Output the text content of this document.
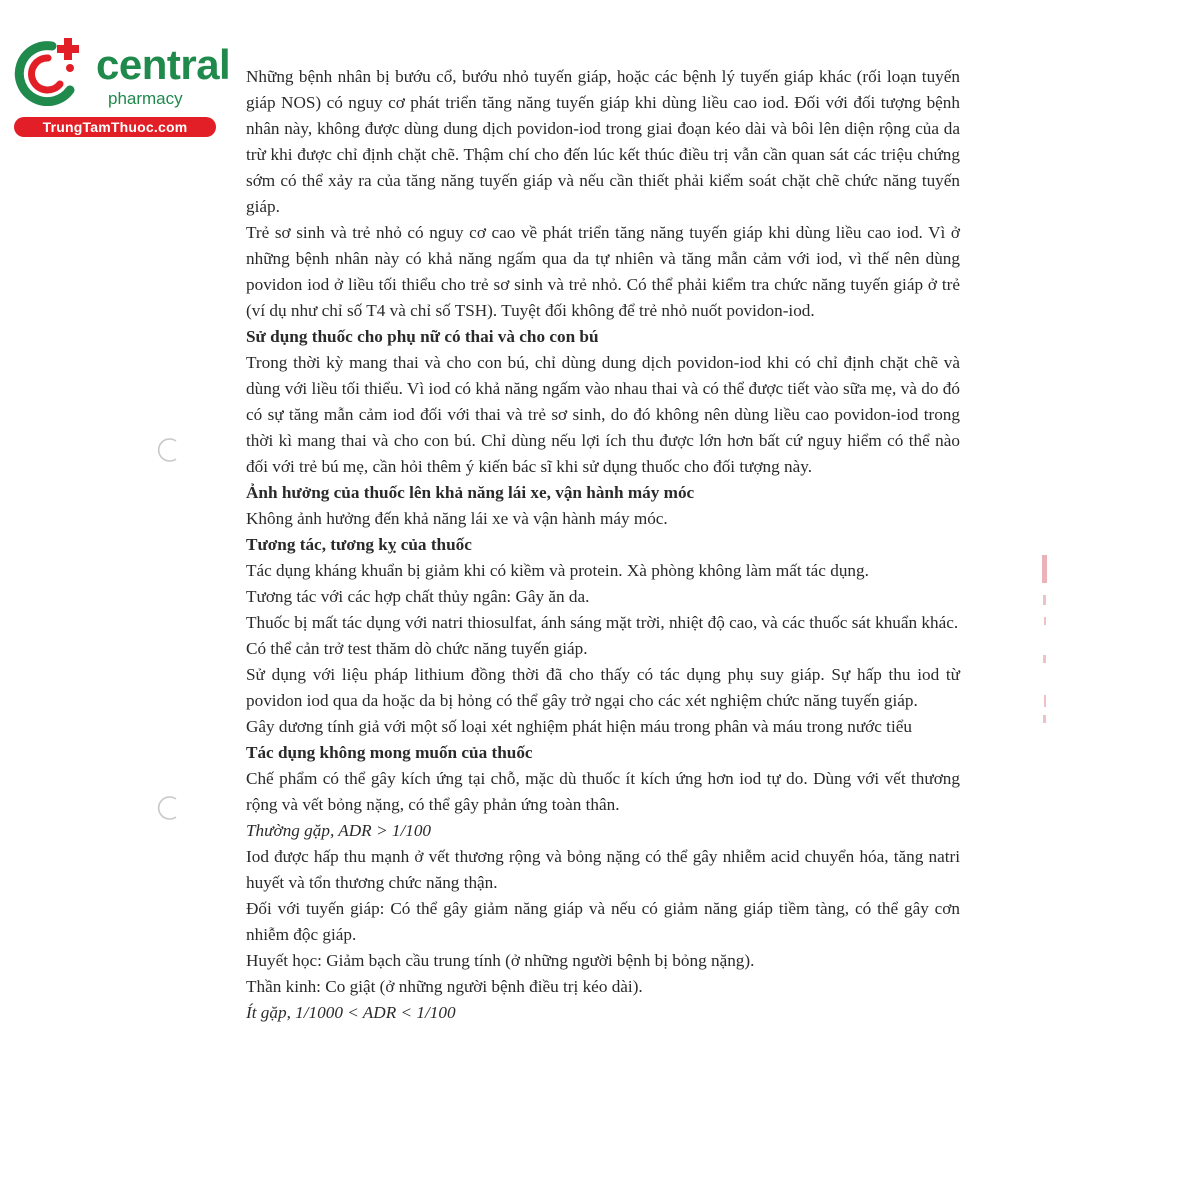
central
pharmacy
TrungTamThuoc.com

Những bệnh nhân bị bướu cổ, bướu nhỏ tuyến giáp, hoặc các bệnh lý tuyến giáp khác (rối loạn tuyến giáp NOS) có nguy cơ phát triển tăng năng tuyến giáp khi dùng liều cao iod. Đối với đối tượng bệnh nhân này, không được dùng dung dịch povidon-iod trong giai đoạn kéo dài và bôi lên diện rộng của da trừ khi được chỉ định chặt chẽ. Thậm chí cho đến lúc kết thúc điều trị vẫn cần quan sát các triệu chứng sớm có thể xảy ra của tăng năng tuyến giáp và nếu cần thiết phải kiểm soát chặt chẽ chức năng tuyến giáp.

Trẻ sơ sinh và trẻ nhỏ có nguy cơ cao về phát triển tăng năng tuyến giáp khi dùng liều cao iod. Vì ở những bệnh nhân này có khả năng ngấm qua da tự nhiên và tăng mẫn cảm với iod, vì thế nên dùng povidon iod ở liều tối thiểu cho trẻ sơ sinh và trẻ nhỏ. Có thể phải kiểm tra chức năng tuyến giáp ở trẻ (ví dụ như chỉ số T4 và chỉ số TSH). Tuyệt đối không để trẻ nhỏ nuốt povidon-iod.

Sử dụng thuốc cho phụ nữ có thai và cho con bú

Trong thời kỳ mang thai và cho con bú, chỉ dùng dung dịch povidon-iod khi có chỉ định chặt chẽ và dùng với liều tối thiểu. Vì iod có khả năng ngấm vào nhau thai và có thể được tiết vào sữa mẹ, và do đó có sự tăng mẫn cảm iod đối với thai và trẻ sơ sinh, do đó không nên dùng liều cao povidon-iod trong thời kì mang thai và cho con bú. Chỉ dùng nếu lợi ích thu được lớn hơn bất cứ nguy hiểm có thể nào đối với trẻ bú mẹ, cần hỏi thêm ý kiến bác sĩ khi sử dụng thuốc cho đối tượng này.

Ảnh hưởng của thuốc lên khả năng lái xe, vận hành máy móc

Không ảnh hưởng đến khả năng lái xe và vận hành máy móc.

Tương tác, tương kỵ của thuốc

Tác dụng kháng khuẩn bị giảm khi có kiềm và protein. Xà phòng không làm mất tác dụng.

Tương tác với các hợp chất thủy ngân: Gây ăn da.

Thuốc bị mất tác dụng với natri thiosulfat, ánh sáng mặt trời, nhiệt độ cao, và các thuốc sát khuẩn khác.

Có thể cản trở test thăm dò chức năng tuyến giáp.

Sử dụng với liệu pháp lithium đồng thời đã cho thấy có tác dụng phụ suy giáp. Sự hấp thu iod từ povidon iod qua da hoặc da bị hỏng có thể gây trở ngại cho các xét nghiệm chức năng tuyến giáp.

Gây dương tính giả với một số loại xét nghiệm phát hiện máu trong phân và máu trong nước tiểu

Tác dụng không mong muốn của thuốc

Chế phẩm có thể gây kích ứng tại chỗ, mặc dù thuốc ít kích ứng hơn iod tự do. Dùng với vết thương rộng và vết bỏng nặng, có thể gây phản ứng toàn thân.

Thường gặp, ADR > 1/100

Iod được hấp thu mạnh ở vết thương rộng và bỏng nặng có thể gây nhiễm acid chuyển hóa, tăng natri huyết và tổn thương chức năng thận.

Đối với tuyến giáp: Có thể gây giảm năng giáp và nếu có giảm năng giáp tiềm tàng, có thể gây cơn nhiễm độc giáp.

Huyết học: Giảm bạch cầu trung tính (ở những người bệnh bị bỏng nặng).

Thần kinh: Co giật (ở những người bệnh điều trị kéo dài).

Ít gặp, 1/1000 < ADR < 1/100
